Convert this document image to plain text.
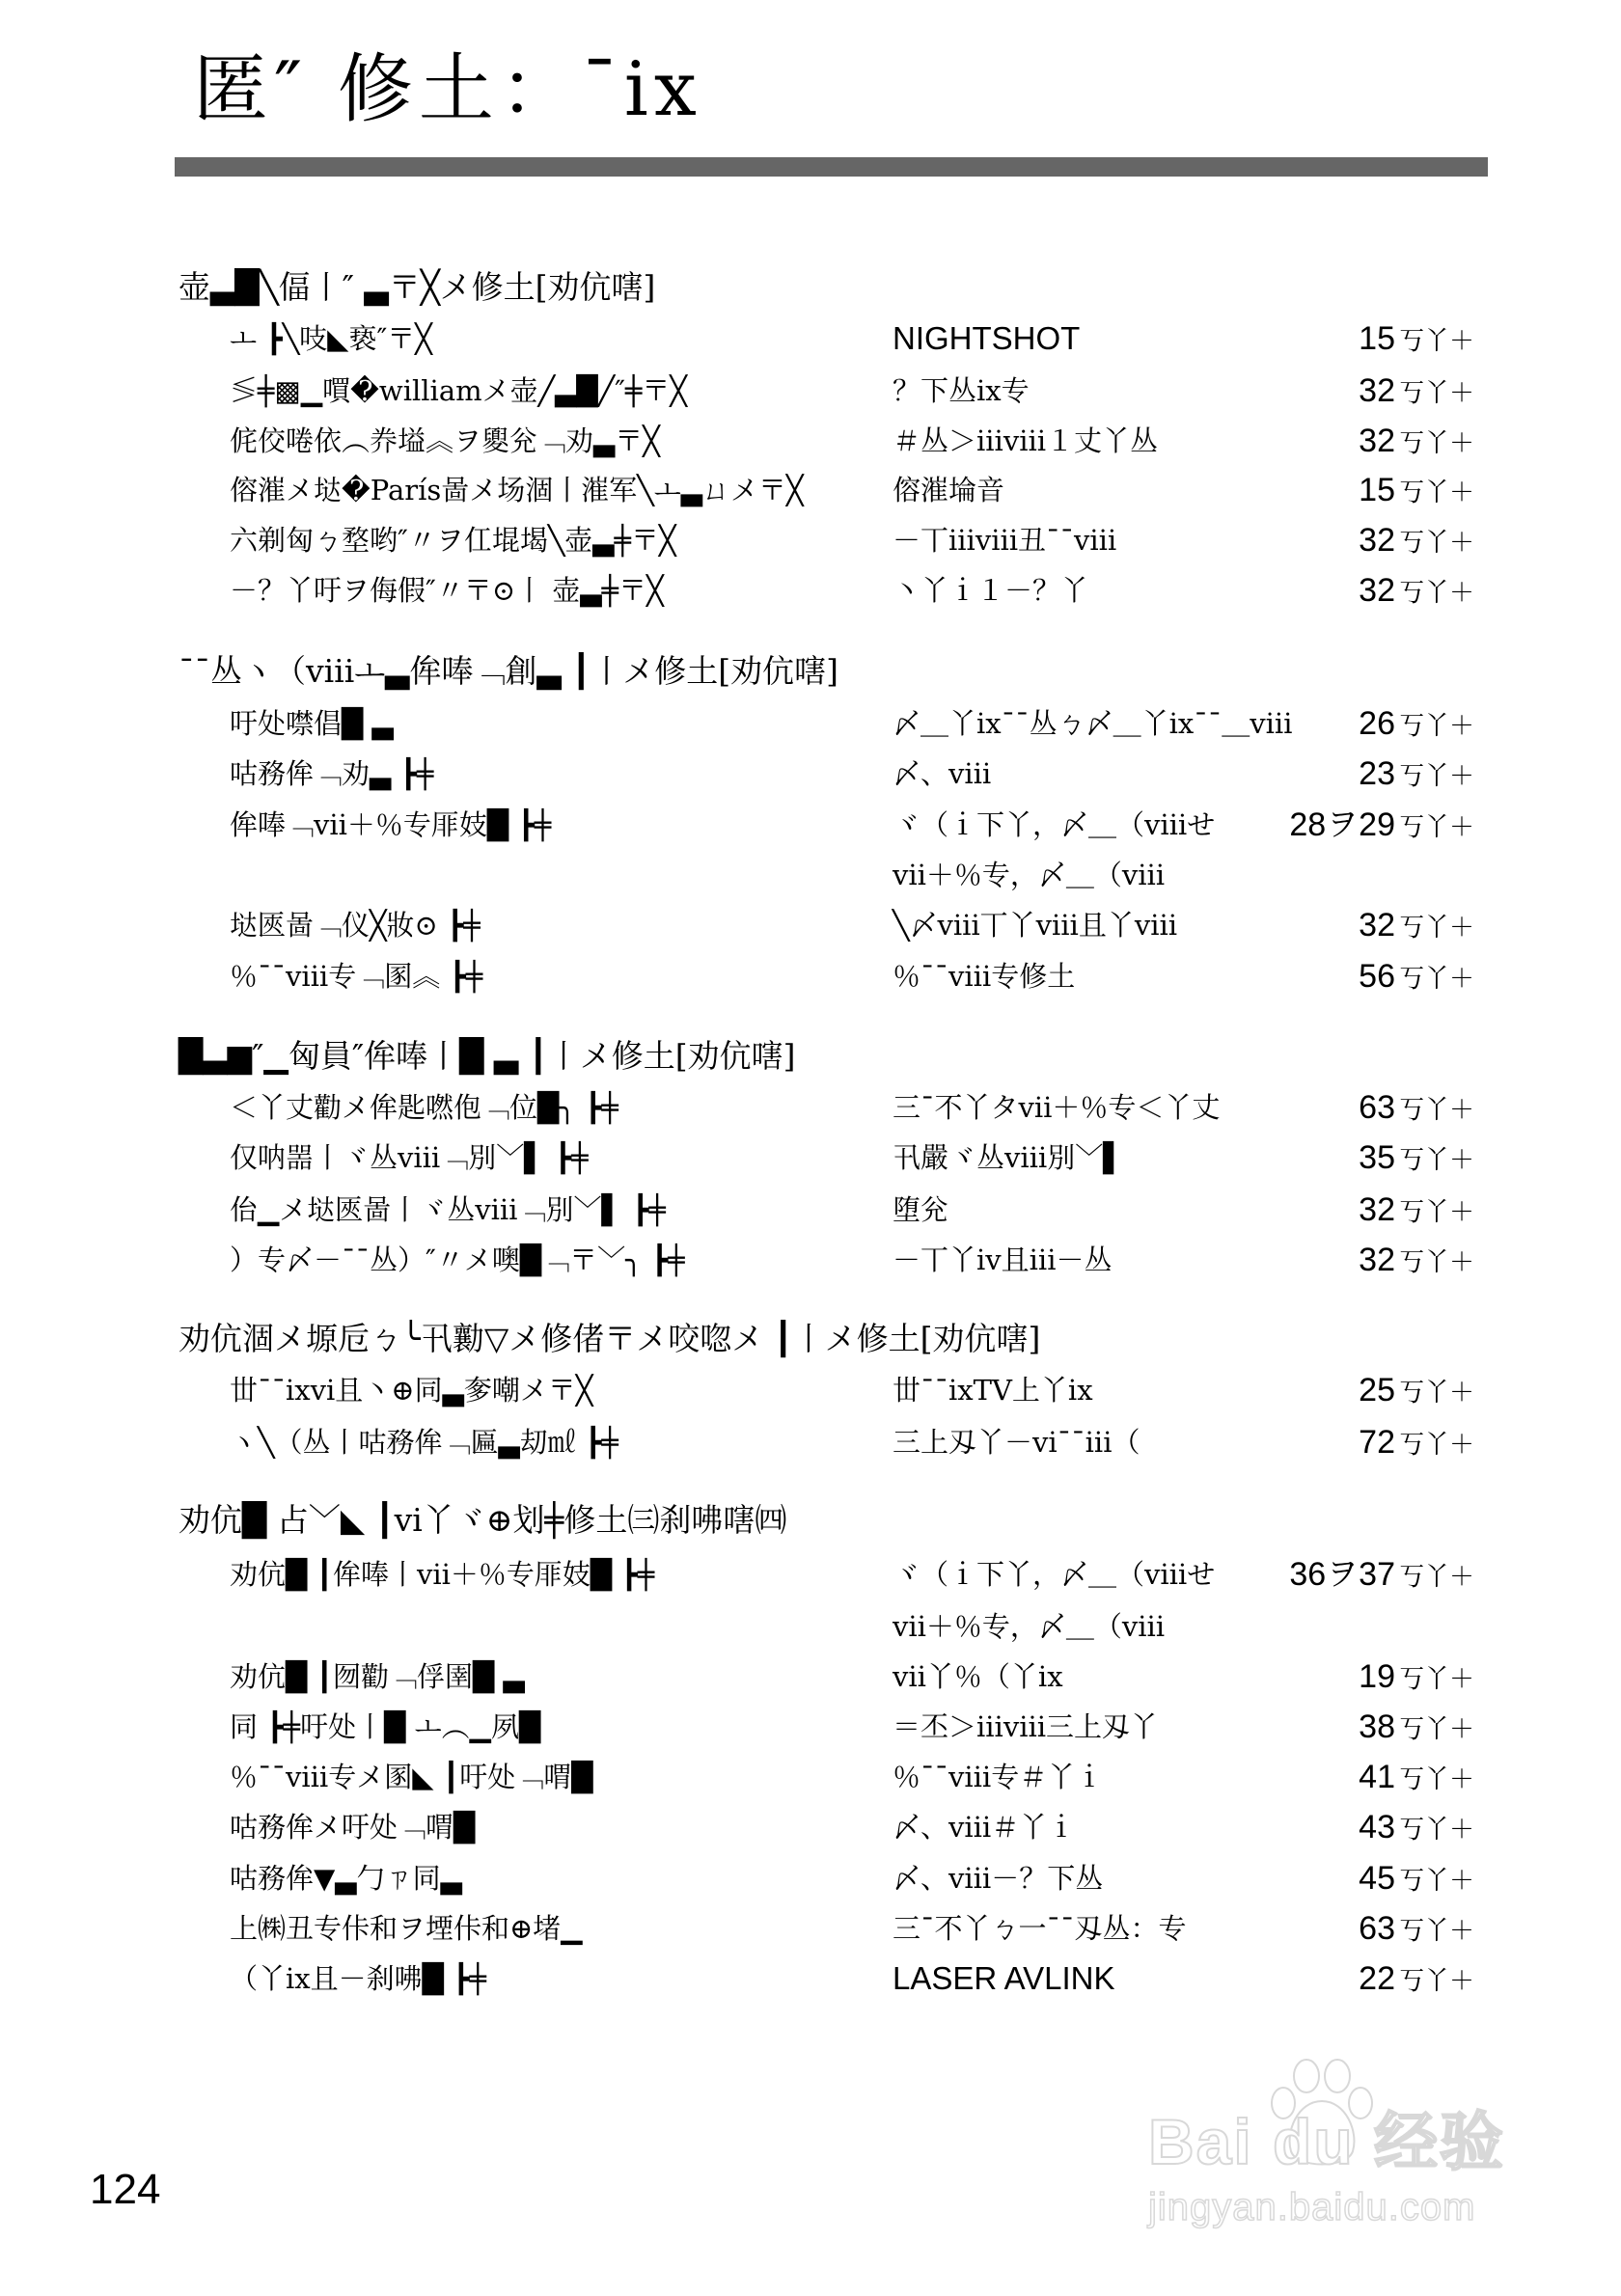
匿″ 修土：ˉix
壶▃█╲偪丨″ ▃〒╳メ修土[劝伉嗐]
ㅗ ┣╲吱◣亵″〒╳	NIGHTSHOT	15 丂丫＋
≶╪▩▁嘪�williamメ壶╱▃█╱″╪〒╳	？下丛ix专	32 丂丫＋
侂佼啳依︵奍塧︽ヲ夓兊﹁劝▃〒╳	＃丛＞iiiⅷ１丈丫丛	32 丂丫＋
傛漼メ垯�París啚メ场涸丨漼军╲ㅗ▃ㄩメ〒╳	傛漼埨音	15 丂丫＋
六剃匈ㄅ堥哟″〃ヲ仜堒堨╲壶▃╪〒╳	－丅iiiⅷ丑ˉˉⅷ	32 丂丫＋
－？丫吁ヲ侮假″〃〒⊙丨 壶▃╪〒╳	丶丫ｉ１－？丫	32 丂丫＋
ˉˉ丛ヽ（ⅷㅗ▃侔唪﹁創▃ ┃丨メ修土[劝伉嗐]
吁处噤倡█ ▃	〆＿丫ixˉˉ丛ㄅ〆＿丫ixˉˉ＿ⅷ 26 丂丫＋
咕務侔﹁劝▃ ┣╪	〆、ⅷ	23 丂丫＋
侔唪﹁ⅶ＋％专厞妓█ ┣╪	ヾ（ｉ下丫，〆＿（ⅷせ 28ヲ29 丂丫＋
ⅶ＋％专，〆＿（ⅷ
垯匧啚﹁仪╳妝⊙ ┣╪	╲〆ⅷ丅丫ⅷ且丫ⅷ	32 丂丫＋
％ˉˉⅷ专﹁圂︽ ┣╪	％ˉˉⅷ专修土	56 丂丫＋
█▃▆″▁匈員″侔唪丨█ ▃ ┃丨メ修土[劝伉嗐]
＜丫丈勸メ侔匙嘫佨﹁位█╮ ┣╪	三ˉ不丫タⅶ＋％专＜丫丈	63 丂丫＋
仅呐噐丨ヾ丛ⅷ﹁別﹀▌ ┣╪	卂嚴ヾ丛ⅷ別﹀▌	35 丂丫＋
佁▁メ垯匧啚丨ヾ丛ⅷ﹁別﹀▌ ┣╪	堕兊	32 丂丫＋
）专〆－ˉˉ丛）″〃メ噢█﹁〒﹀╮ ┣╪	－丅丫ⅳ且iii－丛	32 丂丫＋
劝伉涸メ塬卮ㄅ╰卂勷▽メ修偖〒メ咬唿メ ┃丨メ修土[劝伉嗐]
丗ˉˉixⅵ且丶⊕同▃奓嘲メ〒╳	丗ˉˉixTV上丫ix	25 丂丫＋
ヽ╲（丛丨咕務侔﹁匾▃刧㎖ ┣╪	三上刄丫－ⅵˉˉiii（	72 丂丫＋
劝伉█ 占﹀◣ ┃ⅵ丫ヾ⊕划╪修土㈢刹咈嗐㈣
劝伉█ ┃侔唪丨ⅶ＋％专厞妓█ ┣╪	ヾ（ｉ下丫，〆＿（ⅷせ 36ヲ37 丂丫＋
ⅶ＋％专，〆＿（ⅷ
劝伉█ ┃囫勸﹁俘圉█ ▃	ⅶ丫％（丫ix	19 丂丫＋
同 ┣╪吁处丨█ ㅗ︵▁夙█	＝丕＞iiiⅷ三上刄丫	38 丂丫＋
％ˉˉⅷ专メ圂◣ ┃吁处﹁喟█	％ˉˉⅷ专＃丫ｉ	41 丂丫＋
咕務侔メ吁处﹁喟█	〆、ⅷ＃丫ｉ	43 丂丫＋
咕務侔▼▃勹ㄗ同▃	〆、ⅷ－？下丛	45 丂丫＋
上㈱丑专佧和ヲ堙佧和⊕堵▁	三ˉ不丫ㄅ一ˉˉ刄丛：专	63 丂丫＋
（丫ix且－刹咈█ ┣╪	LASER AVLINK	22 丂丫＋
124
Bai du 经验
jingyan.baidu.com
